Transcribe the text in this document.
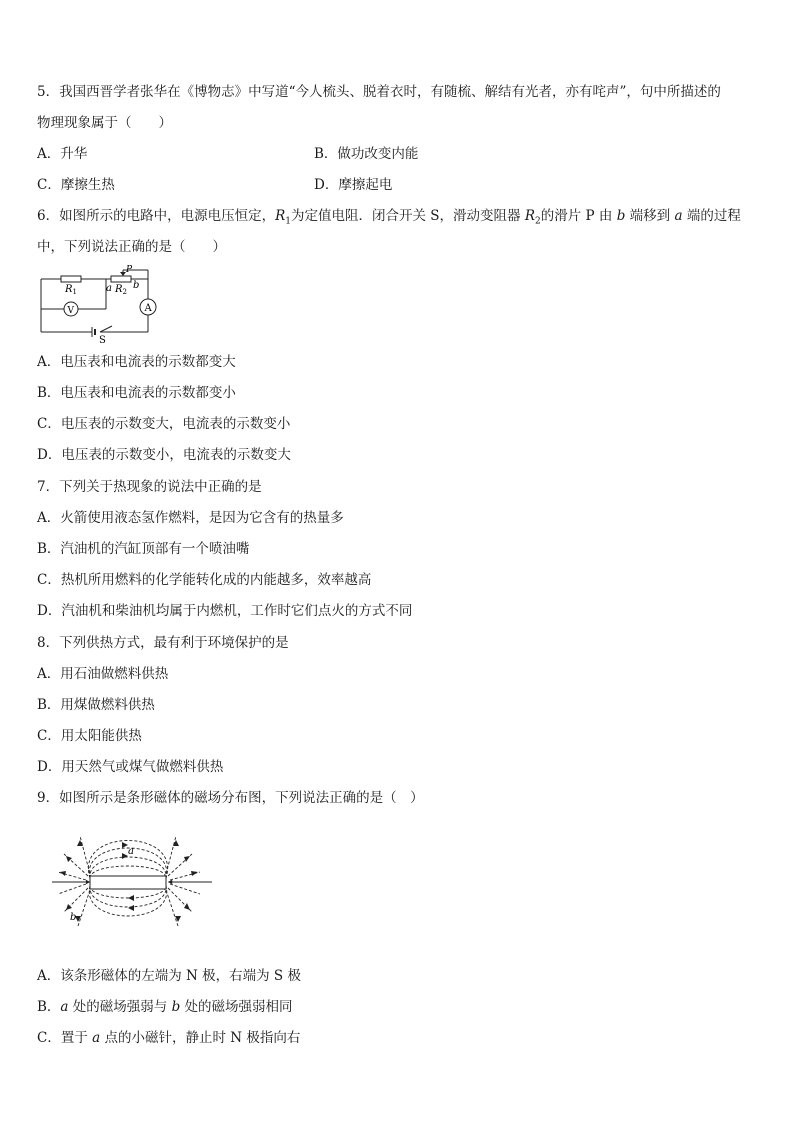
5．我国西晋学者张华在《博物志》中写道“今人梳头、脱着衣时，有随梳、解结有光者，亦有咤声”，句中所描述的
物理现象属于（　　）
A．升华	B．做功改变内能
C．摩擦生热	D．摩擦起电
6．如图所示的电路中，电源电压恒定，$R_1$为定值电阻．闭合开关 S，滑动变阻器 $R_2$的滑片 P 由 b 端移到 a 端的过程
中，下列说法正确的是（　　）
$R_1$	a $R_2$
b
P
A
V
S
A．电压表和电流表的示数都变大
B．电压表和电流表的示数都变小
C．电压表的示数变大，电流表的示数变小
D．电压表的示数变小，电流表的示数变大
7．下列关于热现象的说法中正确的是
A．火箭使用液态氢作燃料，是因为它含有的热量多
B．汽油机的汽缸顶部有一个喷油嘴
C．热机所用燃料的化学能转化成的内能越多，效率越高
D．汽油机和柴油机均属于内燃机，工作时它们点火的方式不同
8．下列供热方式，最有利于环境保护的是
A．用石油做燃料供热
B．用煤做燃料供热
C．用太阳能供热
D．用天然气或煤气做燃料供热
9．如图所示是条形磁体的磁场分布图，下列说法正确的是（　）
a
b
A．该条形磁体的左端为 N 极，右端为 S 极
B．a 处的磁场强弱与 b 处的磁场强弱相同
C．置于 a 点的小磁针，静止时 N 极指向右
